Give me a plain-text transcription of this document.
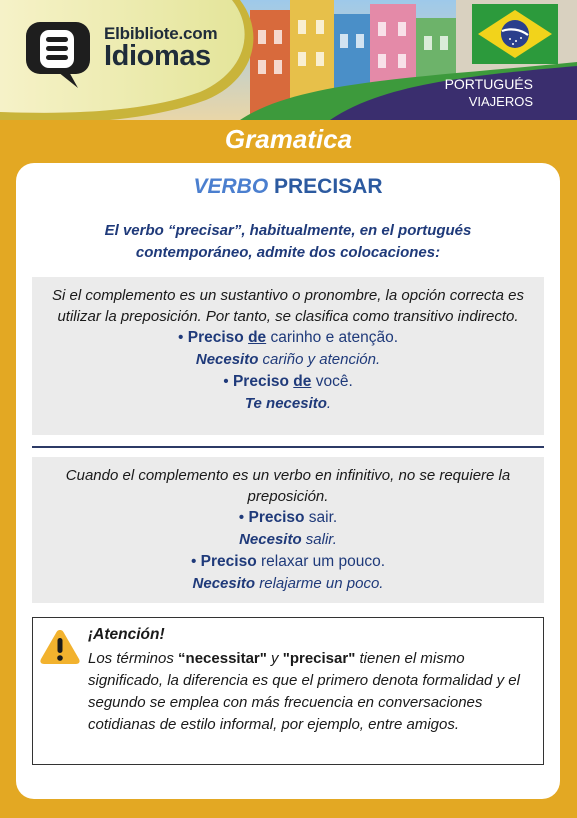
Elbibliote.com
Idiomas
PORTUGUÉS
VIAJEROS
Gramatica
VERBO PRECISAR
El verbo “precisar”, habitualmente, en el portugués contemporáneo, admite dos colocaciones:
Si el complemento es un sustantivo o pronombre, la opción correcta es utilizar la preposición. Por tanto, se clasifica como transitivo indirecto.
• Preciso de carinho e atenção.
Necesito cariño y atención.
• Preciso de você.
Te necesito.
Cuando el complemento es un verbo en infinitivo, no se requiere la preposición.
• Preciso sair.
Necesito salir.
• Preciso relaxar um pouco.
Necesito relajarme un poco.
¡Atención!
Los términos “necessitar" y "precisar" tienen el mismo significado, la diferencia es que el primero denota formalidad y el segundo se emplea con más frecuencia en conversaciones cotidianas de estilo informal, por ejemplo, entre amigos.
